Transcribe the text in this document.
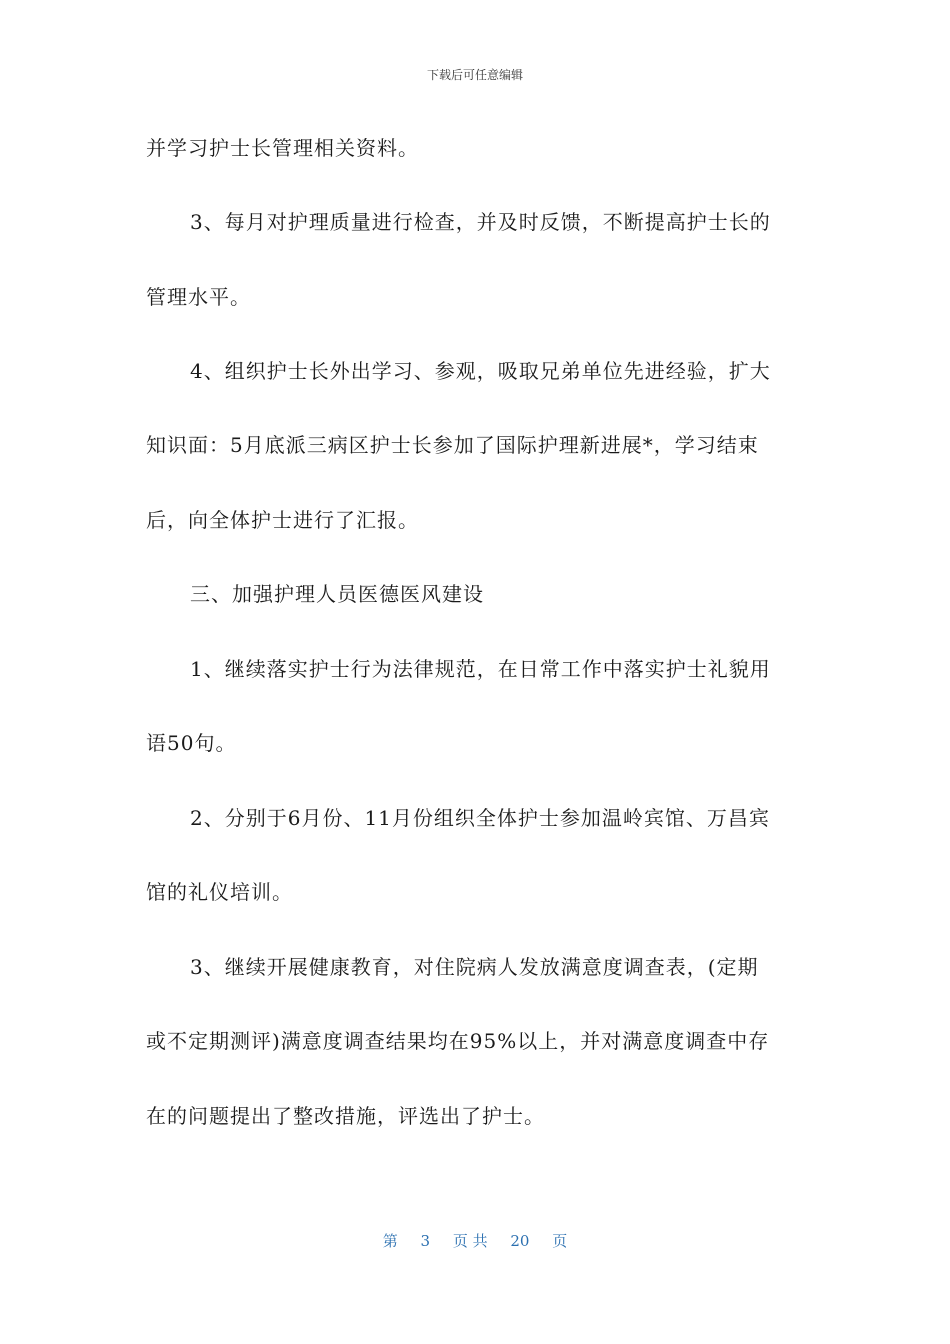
下载后可任意编辑
并学习护士长管理相关资料。
3、每月对护理质量进行检查，并及时反馈，不断提高护士长的
管理水平。
4、组织护士长外出学习、参观，吸取兄弟单位先进经验，扩大
知识面：5月底派三病区护士长参加了国际护理新进展*，学习结束
后，向全体护士进行了汇报。
三、加强护理人员医德医风建设
1、继续落实护士行为法律规范，在日常工作中落实护士礼貌用
语50句。
2、分别于6月份、11月份组织全体护士参加温岭宾馆、万昌宾
馆的礼仪培训。
3、继续开展健康教育，对住院病人发放满意度调查表，(定期
或不定期测评)满意度调查结果均在95%以上，并对满意度调查中存
在的问题提出了整改措施，评选出了护士。
第 3 页 共 20 页
